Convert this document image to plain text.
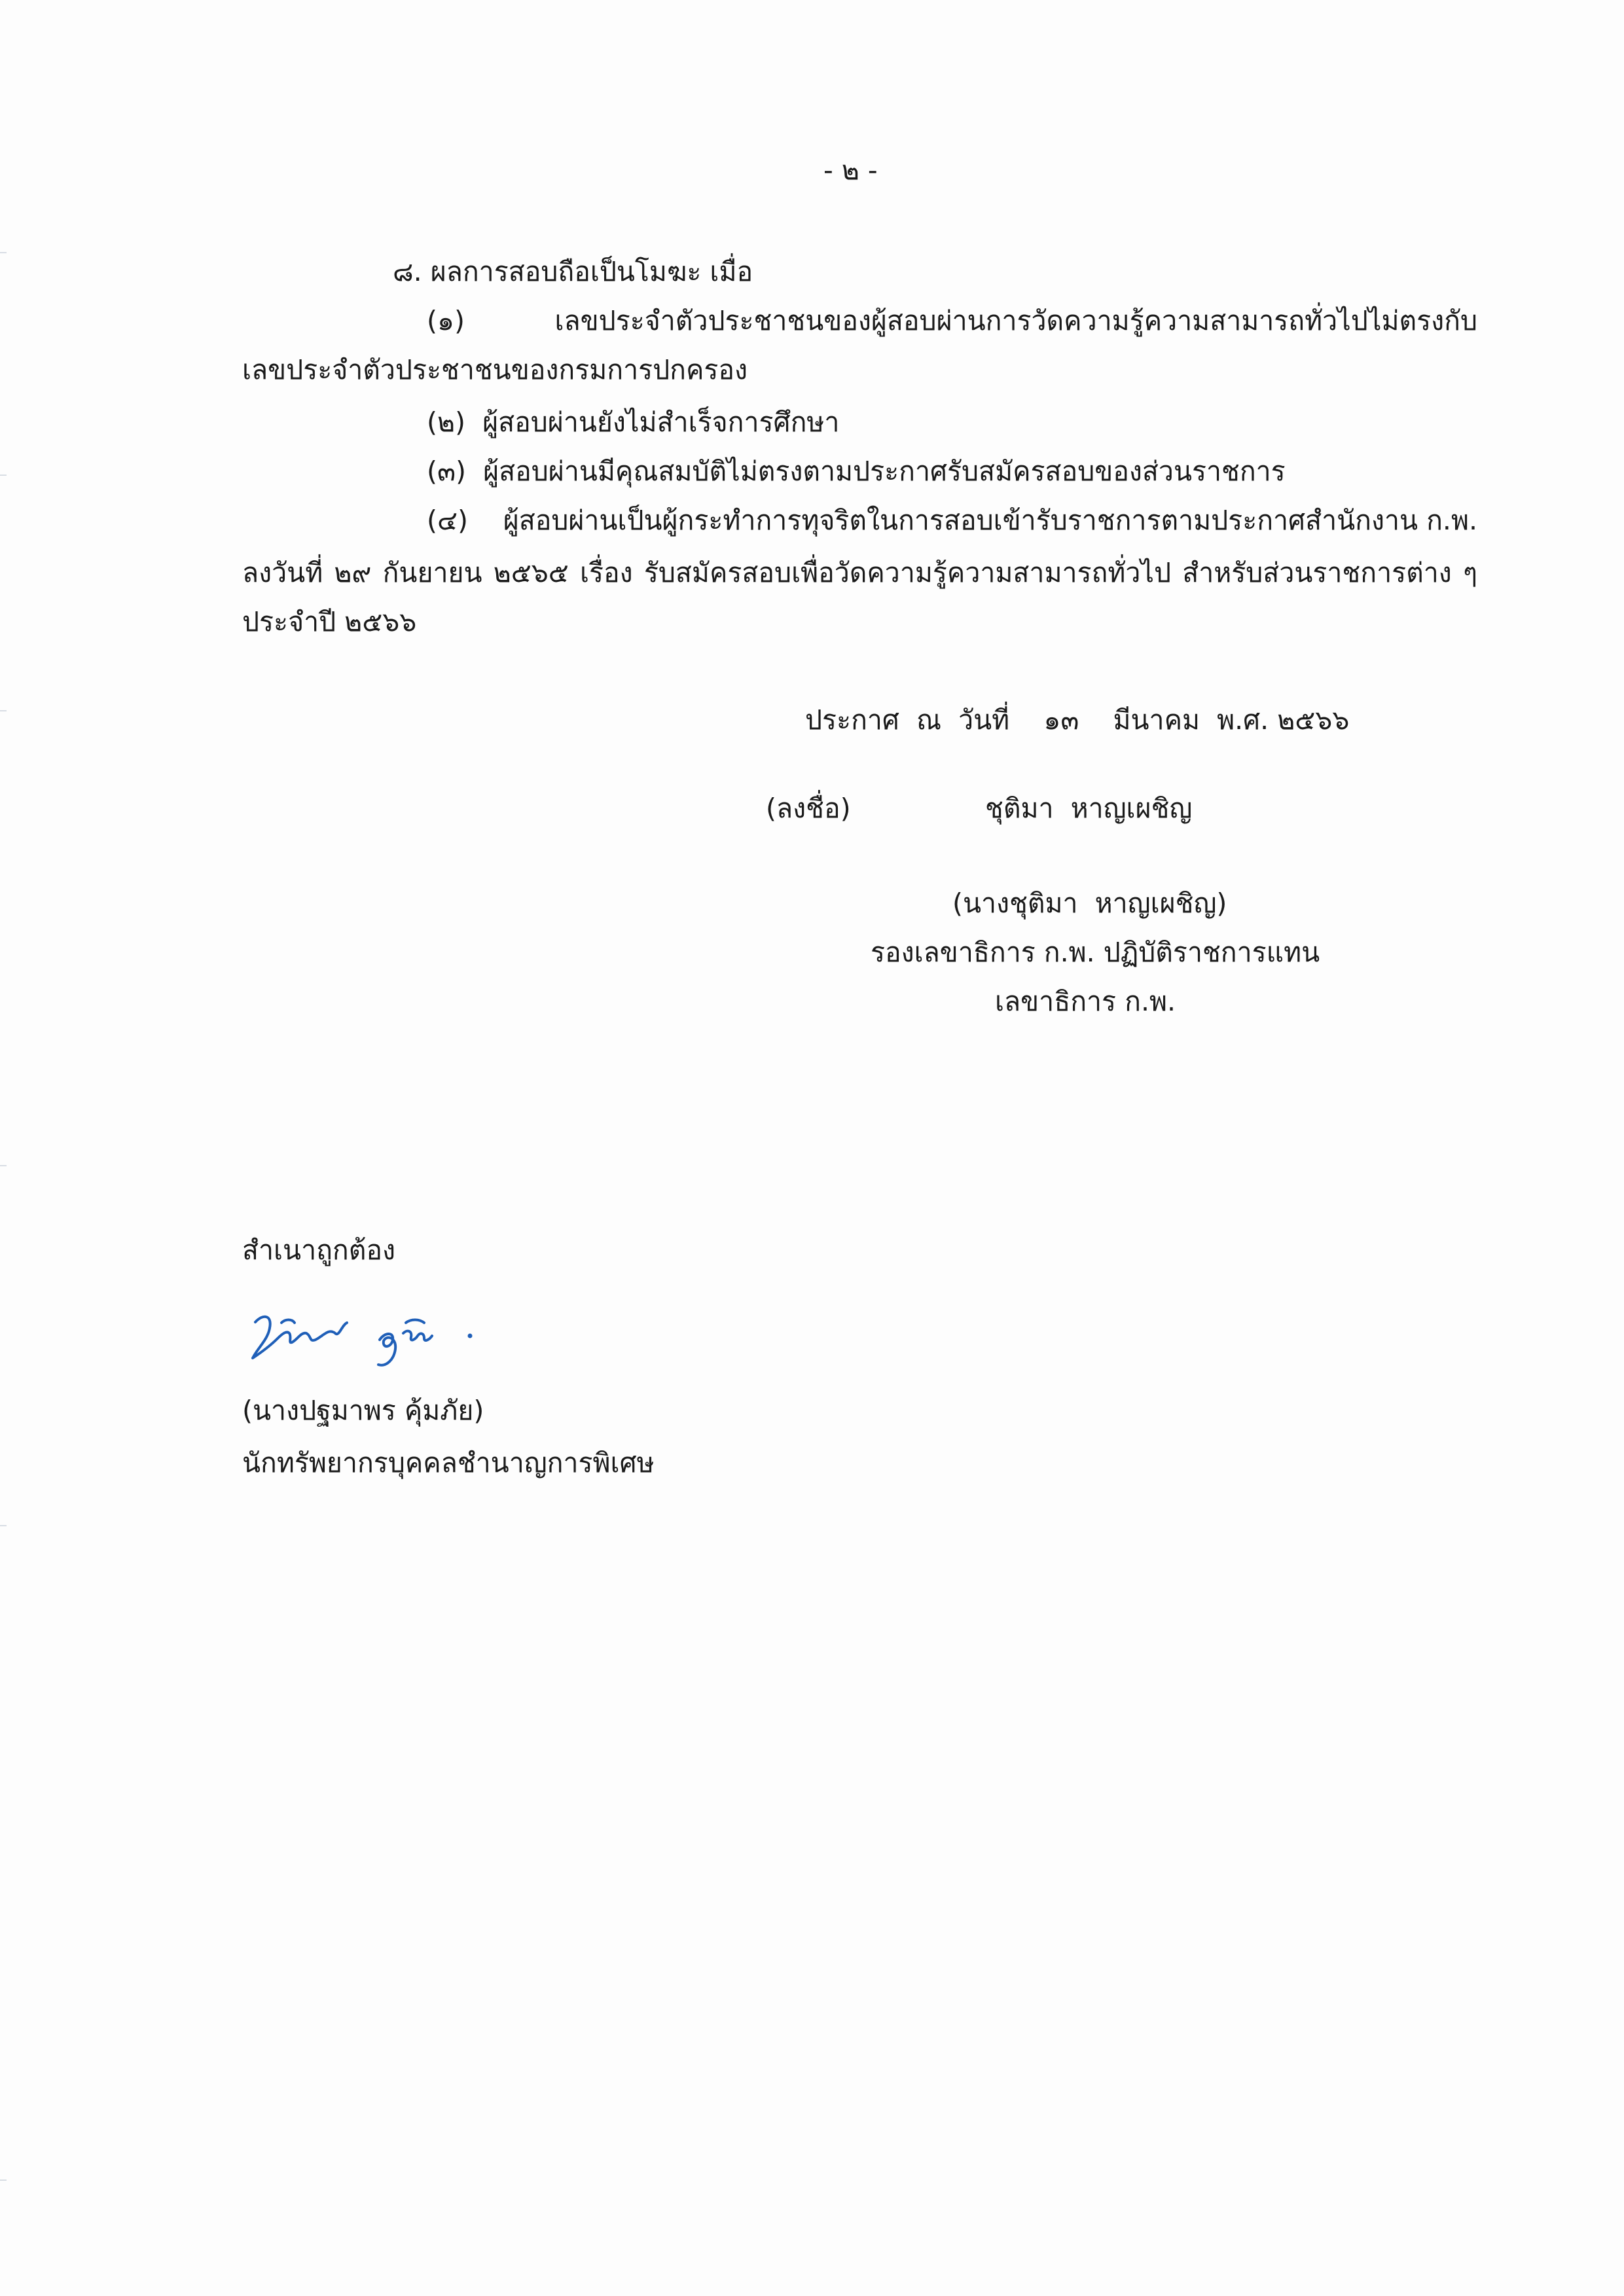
- ๒ -
๘. ผลการสอบถือเป็นโมฆะ เมื่อ
(๑)	เลขประจำตัวประชาชนของผู้สอบผ่านการวัดความรู้ความสามารถทั่วไปไม่ตรงกับ
เลขประจำตัวประชาชนของกรมการปกครอง
(๒) ผู้สอบผ่านยังไม่สำเร็จการศึกษา
(๓) ผู้สอบผ่านมีคุณสมบัติไม่ตรงตามประกาศรับสมัครสอบของส่วนราชการ
(๔) ผู้สอบผ่านเป็นผู้กระทำการทุจริตในการสอบเข้ารับราชการตามประกาศสำนักงาน ก.พ.
ลงวันที่ ๒๙ กันยายน ๒๕๖๕ เรื่อง รับสมัครสอบเพื่อวัดความรู้ความสามารถทั่วไป สำหรับส่วนราชการต่าง ๆ
ประจำปี ๒๕๖๖
ประกาศ  ณ  วันที่    ๑๓    มีนาคม  พ.ศ. ๒๕๖๖
(ลงชื่อ)	ชุติมา  หาญเผชิญ
(นางชุติมา  หาญเผชิญ)
รองเลขาธิการ ก.พ. ปฏิบัติราชการแทน
เลขาธิการ ก.พ.
สำเนาถูกต้อง
(นางปฐมาพร คุ้มภัย)
นักทรัพยากรบุคคลชำนาญการพิเศษ
